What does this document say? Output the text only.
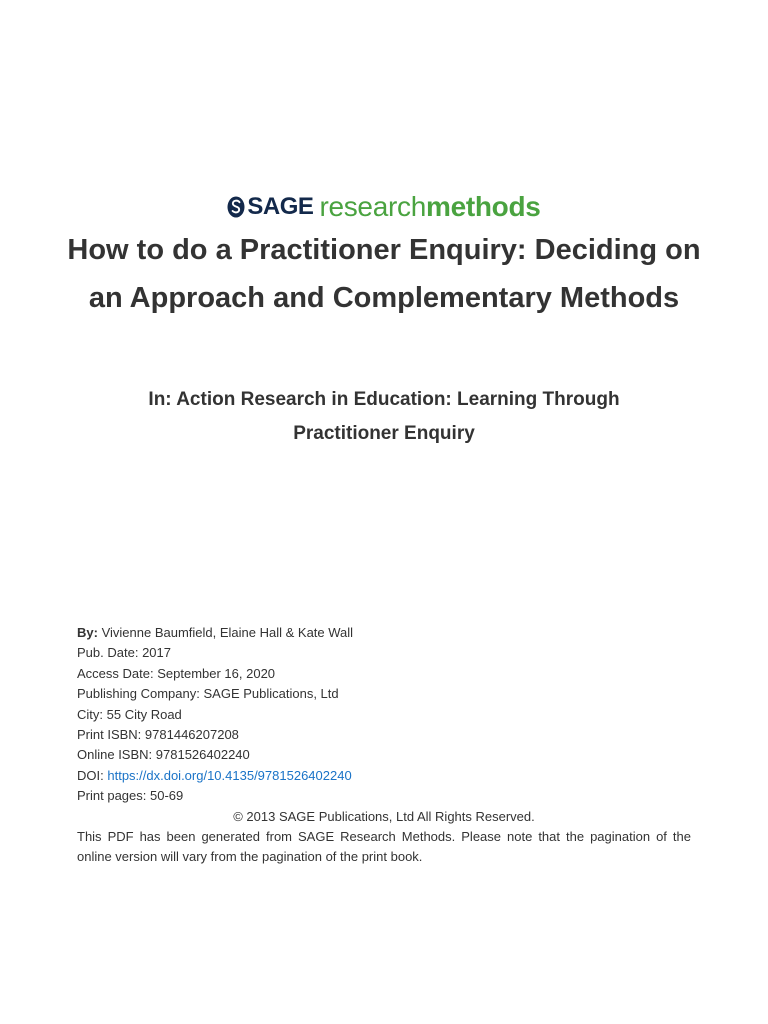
SAGE research methods
How to do a Practitioner Enquiry: Deciding on an Approach and Complementary Methods
In: Action Research in Education: Learning Through Practitioner Enquiry
By: Vivienne Baumfield, Elaine Hall & Kate Wall
Pub. Date: 2017
Access Date: September 16, 2020
Publishing Company: SAGE Publications, Ltd
City: 55 City Road
Print ISBN: 9781446207208
Online ISBN: 9781526402240
DOI: https://dx.doi.org/10.4135/9781526402240
Print pages: 50-69
© 2013 SAGE Publications, Ltd All Rights Reserved.
This PDF has been generated from SAGE Research Methods. Please note that the pagination of the online version will vary from the pagination of the print book.
